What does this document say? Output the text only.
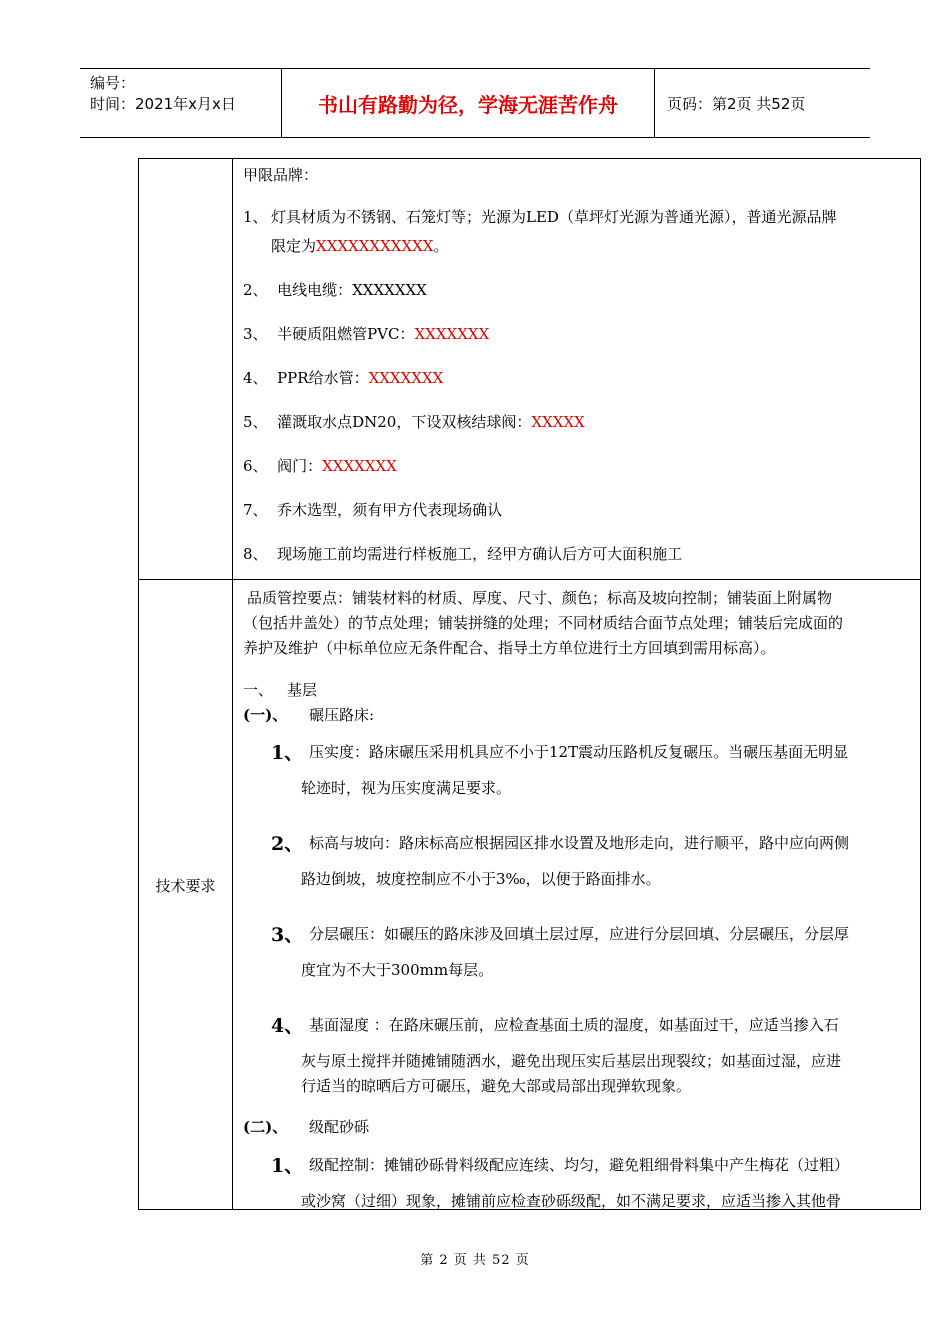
编号：
时间：2021年x月x日	书山有路勤为径，学海无涯苦作舟	页码：第2页 共52页
技术要求
甲限品牌：
1、 灯具材质为不锈钢、石笼灯等；光源为LED（草坪灯光源为普通光源），普通光源品牌
限定为XXXXXXXXXXX。
2、 电线电缆：XXXXXXX
3、 半硬质阻燃管PVC：XXXXXXX
4、 PPR给水管：XXXXXXX
5、 灌溉取水点DN20，下设双核结球阀：XXXXX
6、 阀门：XXXXXXX
7、 乔木选型，须有甲方代表现场确认
8、 现场施工前均需进行样板施工，经甲方确认后方可大面积施工
品质管控要点：铺装材料的材质、厚度、尺寸、颜色；标高及坡向控制；铺装面上附属物
（包括井盖处）的节点处理；铺装拼缝的处理；不同材质结合面节点处理；铺装后完成面的
养护及维护（中标单位应无条件配合、指导土方单位进行土方回填到需用标高）。
一、 基层
(一)、 碾压路床:
1、 压实度：路床碾压采用机具应不小于12T震动压路机反复碾压。当碾压基面无明显
轮迹时，视为压实度满足要求。
2、 标高与坡向：路床标高应根据园区排水设置及地形走向，进行顺平，路中应向两侧
路边倒坡，坡度控制应不小于3‰，以便于路面排水。
3、 分层碾压：如碾压的路床涉及回填土层过厚，应进行分层回填、分层碾压，分层厚
度宜为不大于300mm每层。
4、 基面湿度 ：在路床碾压前，应检查基面土质的湿度，如基面过干，应适当掺入石
灰与原土搅拌并随摊铺随洒水，避免出现压实后基层出现裂纹；如基面过湿，应进
行适当的晾晒后方可碾压，避免大部或局部出现弹软现象。
(二)、 级配砂砾
1、 级配控制：摊铺砂砾骨料级配应连续、均匀，避免粗细骨料集中产生梅花（过粗）
或沙窝（过细）现象，摊铺前应检查砂砾级配，如不满足要求，应适当掺入其他骨
第 2 页 共 52 页
